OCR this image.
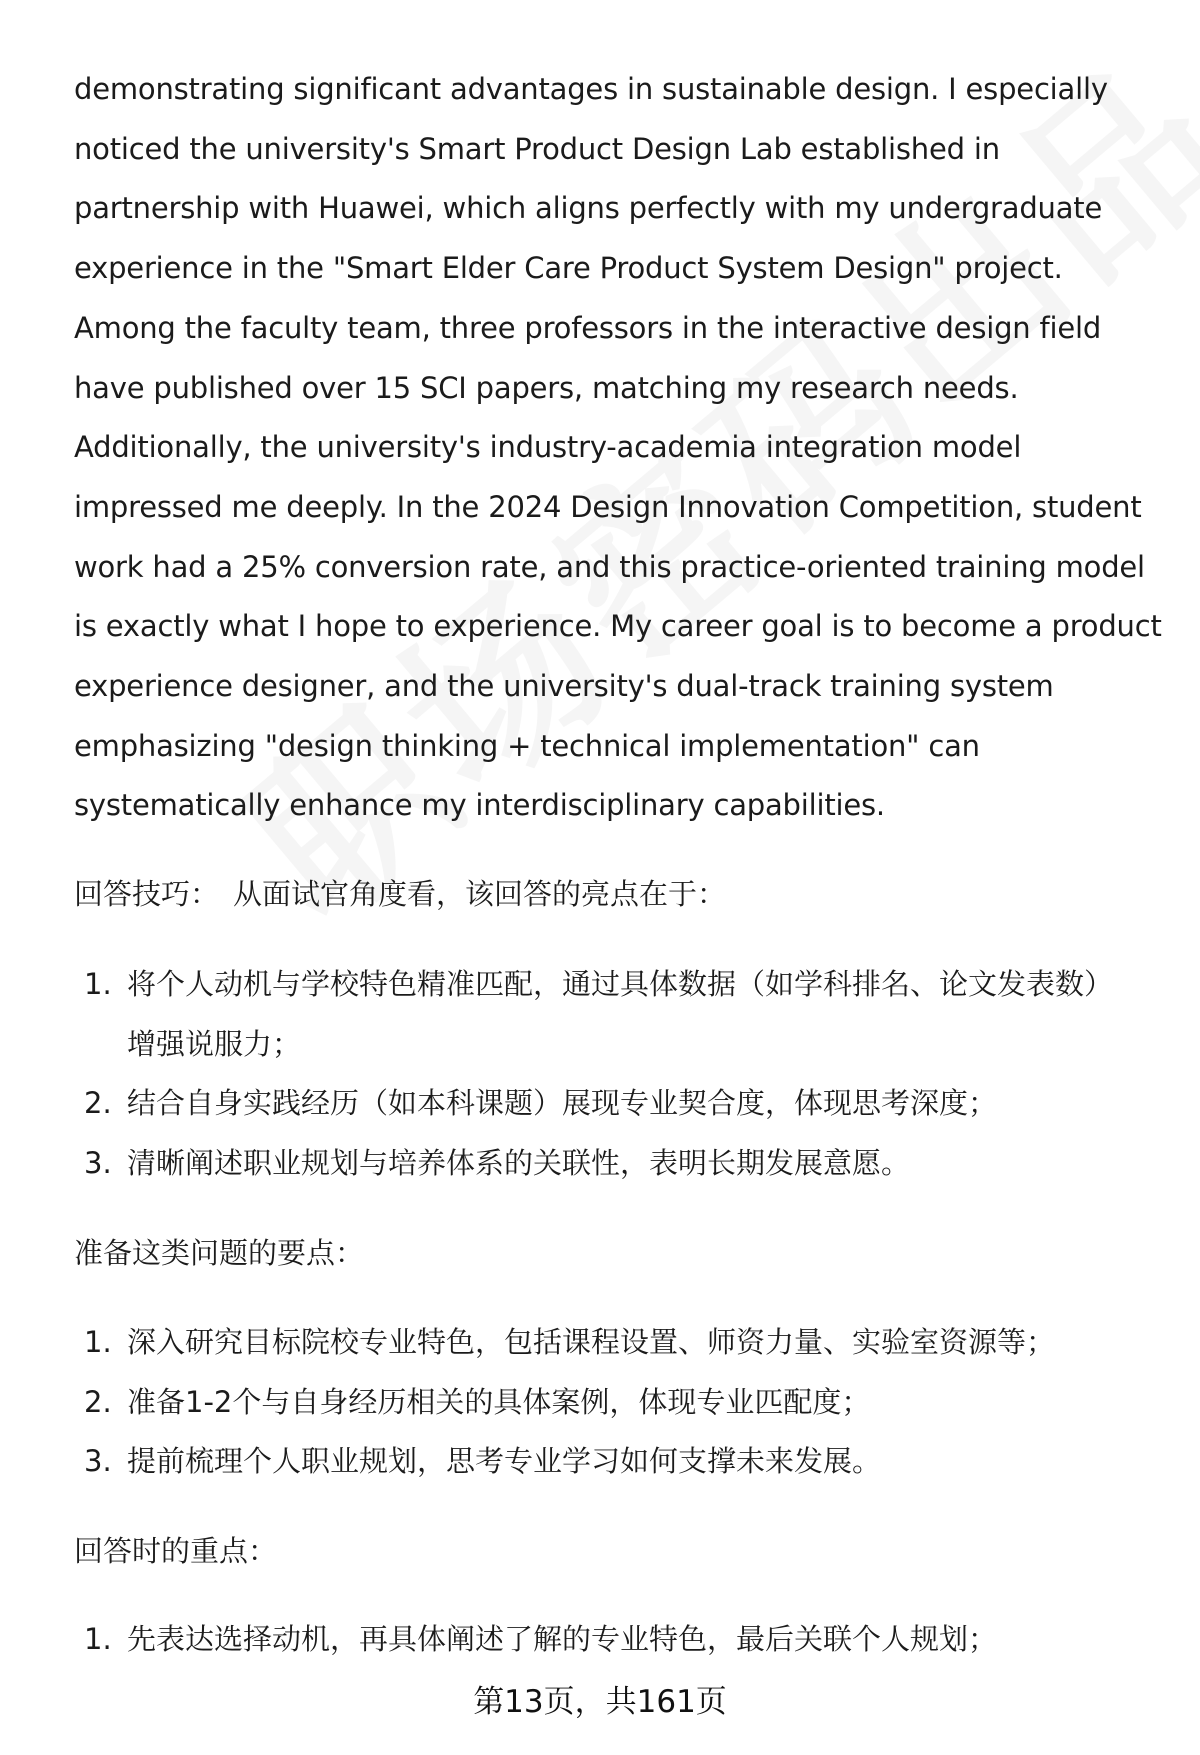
demonstrating significant advantages in sustainable design. I especially
noticed the university's Smart Product Design Lab established in
partnership with Huawei, which aligns perfectly with my undergraduate
experience in the "Smart Elder Care Product System Design" project.
Among the faculty team, three professors in the interactive design field
have published over 15 SCI papers, matching my research needs.
Additionally, the university's industry-academia integration model
impressed me deeply. In the 2024 Design Innovation Competition, student
work had a 25% conversion rate, and this practice-oriented training model
is exactly what I hope to experience. My career goal is to become a product
experience designer, and the university's dual-track training system
emphasizing "design thinking + technical implementation" can
systematically enhance my interdisciplinary capabilities.

回答技巧： 从面试官角度看，该回答的亮点在于：

1. 将个人动机与学校特色精准匹配，通过具体数据（如学科排名、论文发表数）
增强说服力；
2. 结合自身实践经历（如本科课题）展现专业契合度，体现思考深度；
3. 清晰阐述职业规划与培养体系的关联性，表明长期发展意愿。

准备这类问题的要点：

1. 深入研究目标院校专业特色，包括课程设置、师资力量、实验室资源等；
2. 准备1-2个与自身经历相关的具体案例，体现专业匹配度；
3. 提前梳理个人职业规划，思考专业学习如何支撑未来发展。

回答时的重点：

1. 先表达选择动机，再具体阐述了解的专业特色，最后关联个人规划；
第13页，共161页
